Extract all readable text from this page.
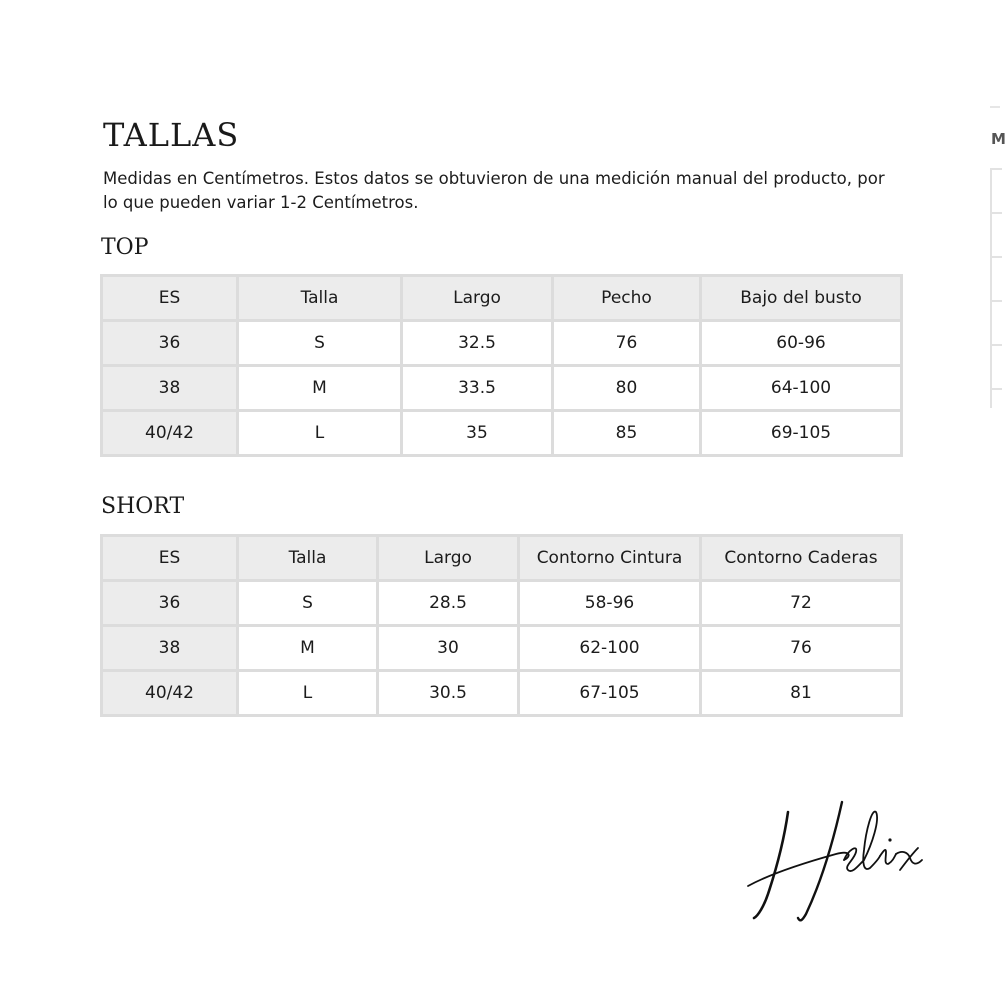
TALLAS
Medidas en Centímetros. Estos datos se obtuvieron de una medición manual del producto, por lo que pueden variar 1-2 Centímetros.
TOP
ES	Talla	Largo	Pecho	Bajo del busto
36	S	32.5	76	60-96
38	M	33.5	80	64-100
40/42	L	35	85	69-105
SHORT
ES	Talla	Largo	Contorno Cintura	Contorno Caderas
36	S	28.5	58-96	72
38	M	30	62-100	76
40/42	L	30.5	67-105	81
M
